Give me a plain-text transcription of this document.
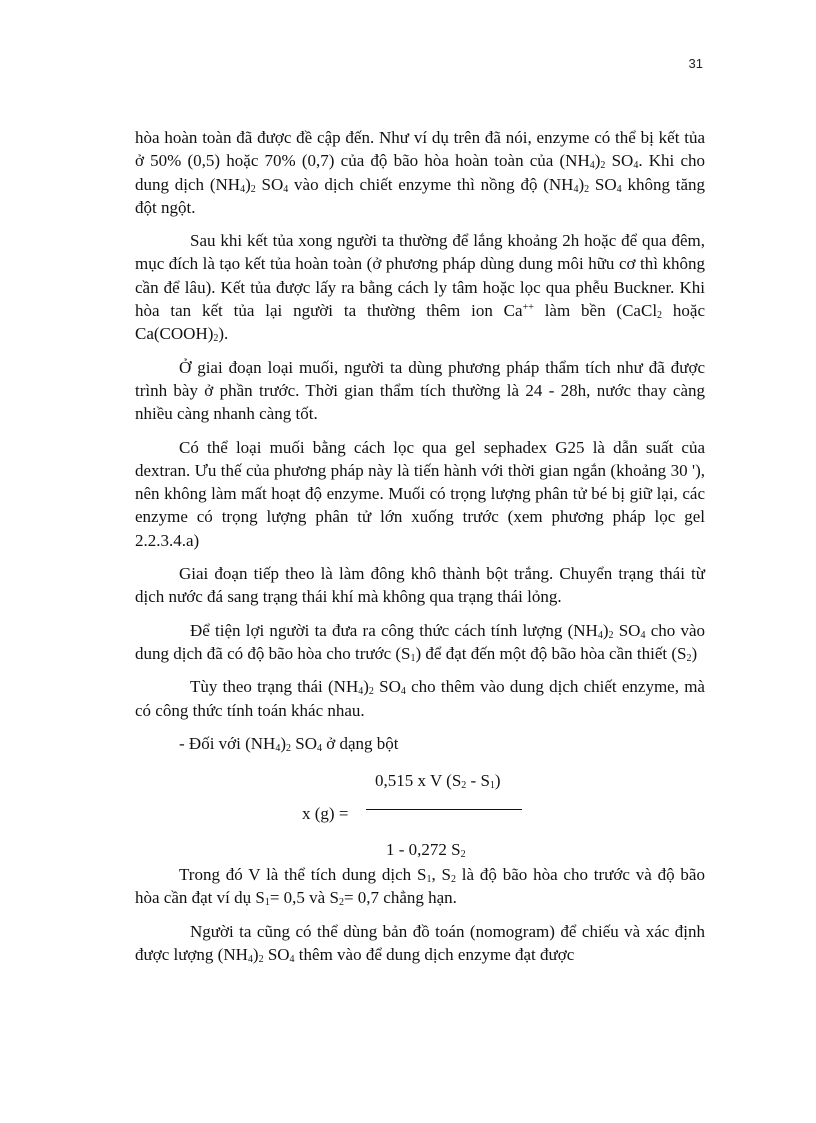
31

hòa hoàn toàn đã được đề cập đến. Như ví dụ trên đã nói, enzyme có thể bị kết tủa ở 50% (0,5) hoặc 70% (0,7) của độ bão hòa hoàn toàn của $(NH_4)_2$ $SO_4$. Khi cho dung dịch $(NH_4)_2$ $SO_4$ vào dịch chiết enzyme thì nồng độ $(NH_4)_2$ $SO_4$ không tăng đột ngột.

Sau khi kết tủa xong người ta thường để lắng khoảng 2h hoặc để qua đêm, mục đích là tạo kết tủa hoàn toàn (ở phương pháp dùng dung môi hữu cơ thì không cần để lâu). Kết tủa được lấy ra bằng cách ly tâm hoặc lọc qua phễu Buckner. Khi hòa tan kết tủa lại người ta thường thêm ion Ca++ làm bền (CaCl$_2$ hoặc $Ca(COOH)_2$).

Ở giai đoạn loại muối, người ta dùng phương pháp thẩm tích như đã được trình bày ở phần trước. Thời gian thẩm tích thường là 24 - 28h, nước thay càng nhiều càng nhanh càng tốt.

Có thể loại muối bằng cách lọc qua gel sephadex G25 là dẫn suất của dextran. Ưu thế của phương pháp này là tiến hành với thời gian ngắn (khoảng 30 '), nên không làm mất hoạt độ enzyme. Muối có trọng lượng phân tử bé bị giữ lại, các enzyme có trọng lượng phân tử lớn xuống trước (xem phương pháp lọc gel 2.2.3.4.a)

Giai đoạn tiếp theo là làm đông khô thành bột trắng. Chuyển trạng thái từ dịch nước đá sang trạng thái khí mà không qua trạng thái lỏng.

Để tiện lợi người ta đưa ra công thức cách tính lượng $(NH_4)_2$ $SO_4$ cho vào dung dịch đã có độ bão hòa cho trước $(S_1)$ để đạt đến một độ bão hòa cần thiết $(S_2)$

Tùy theo trạng thái $(NH_4)_2$ $SO_4$ cho thêm vào dung dịch chiết enzyme, mà có công thức tính toán khác nhau.

- Đối với $(NH_4)_2$ $SO_4$ ở dạng bột

x (g) =
0,515 x V $(S_2 - S_1)$
1 - 0,272 $S_2$

Trong đó V là thể tích dung dịch $S_1$, $S_2$ là độ bão hòa cho trước và độ bão hòa cần đạt ví dụ $S_1= 0,5$ và $S_2= 0,7$ chẳng hạn.

Người ta cũng có thể dùng bản đồ toán (nomogram) để chiếu và xác định được lượng $(NH_4)_2$ $SO_4$ thêm vào để dung dịch enzyme đạt được
